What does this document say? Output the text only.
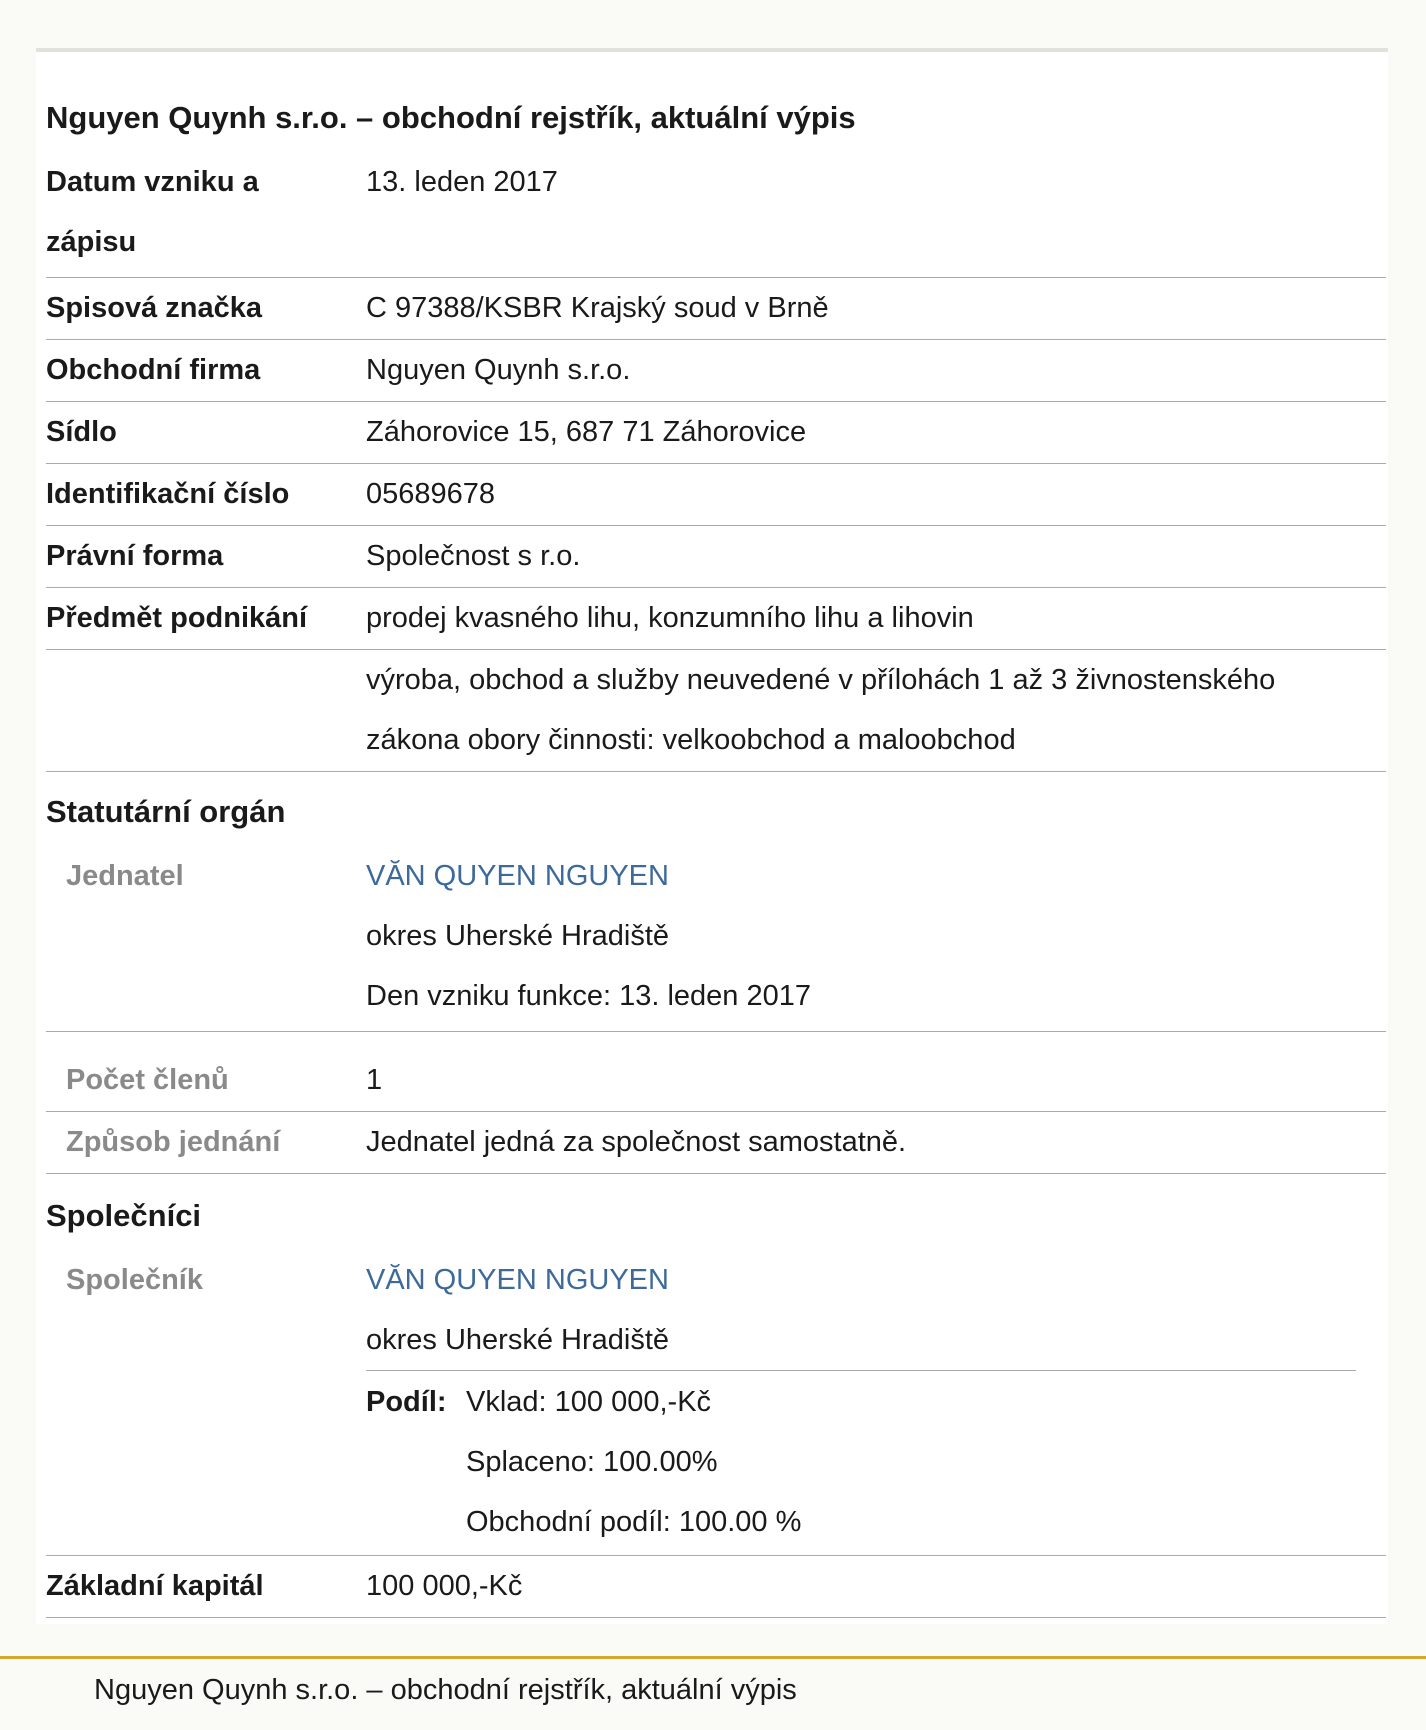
Nguyen Quynh s.r.o. – obchodní rejstřík, aktuální výpis
Datum vzniku a
zápisu
13. leden 2017
Spisová značka	C 97388/KSBR Krajský soud v Brně
Obchodní firma	Nguyen Quynh s.r.o.
Sídlo	Záhorovice 15, 687 71 Záhorovice
Identifikační číslo	05689678
Právní forma	Společnost s r.o.
Předmět podnikání prodej kvasného lihu, konzumního lihu a lihovin
výroba, obchod a služby neuvedené v přílohách 1 až 3 živnostenského
zákona obory činnosti: velkoobchod a maloobchod
Statutární orgán
Jednatel	VĂN QUYEN NGUYEN
okres Uherské Hradiště
Den vzniku funkce: 13. leden 2017
Počet členů	1
Způsob jednání	Jednatel jedná za společnost samostatně.
Společníci
Společník	VĂN QUYEN NGUYEN
okres Uherské Hradiště
Podíl: Vklad: 100 000,-Kč
Splaceno: 100.00%
Obchodní podíl: 100.00 %
Základní kapitál	100 000,-Kč
Nguyen Quynh s.r.o. – obchodní rejstřík, aktuální výpis
